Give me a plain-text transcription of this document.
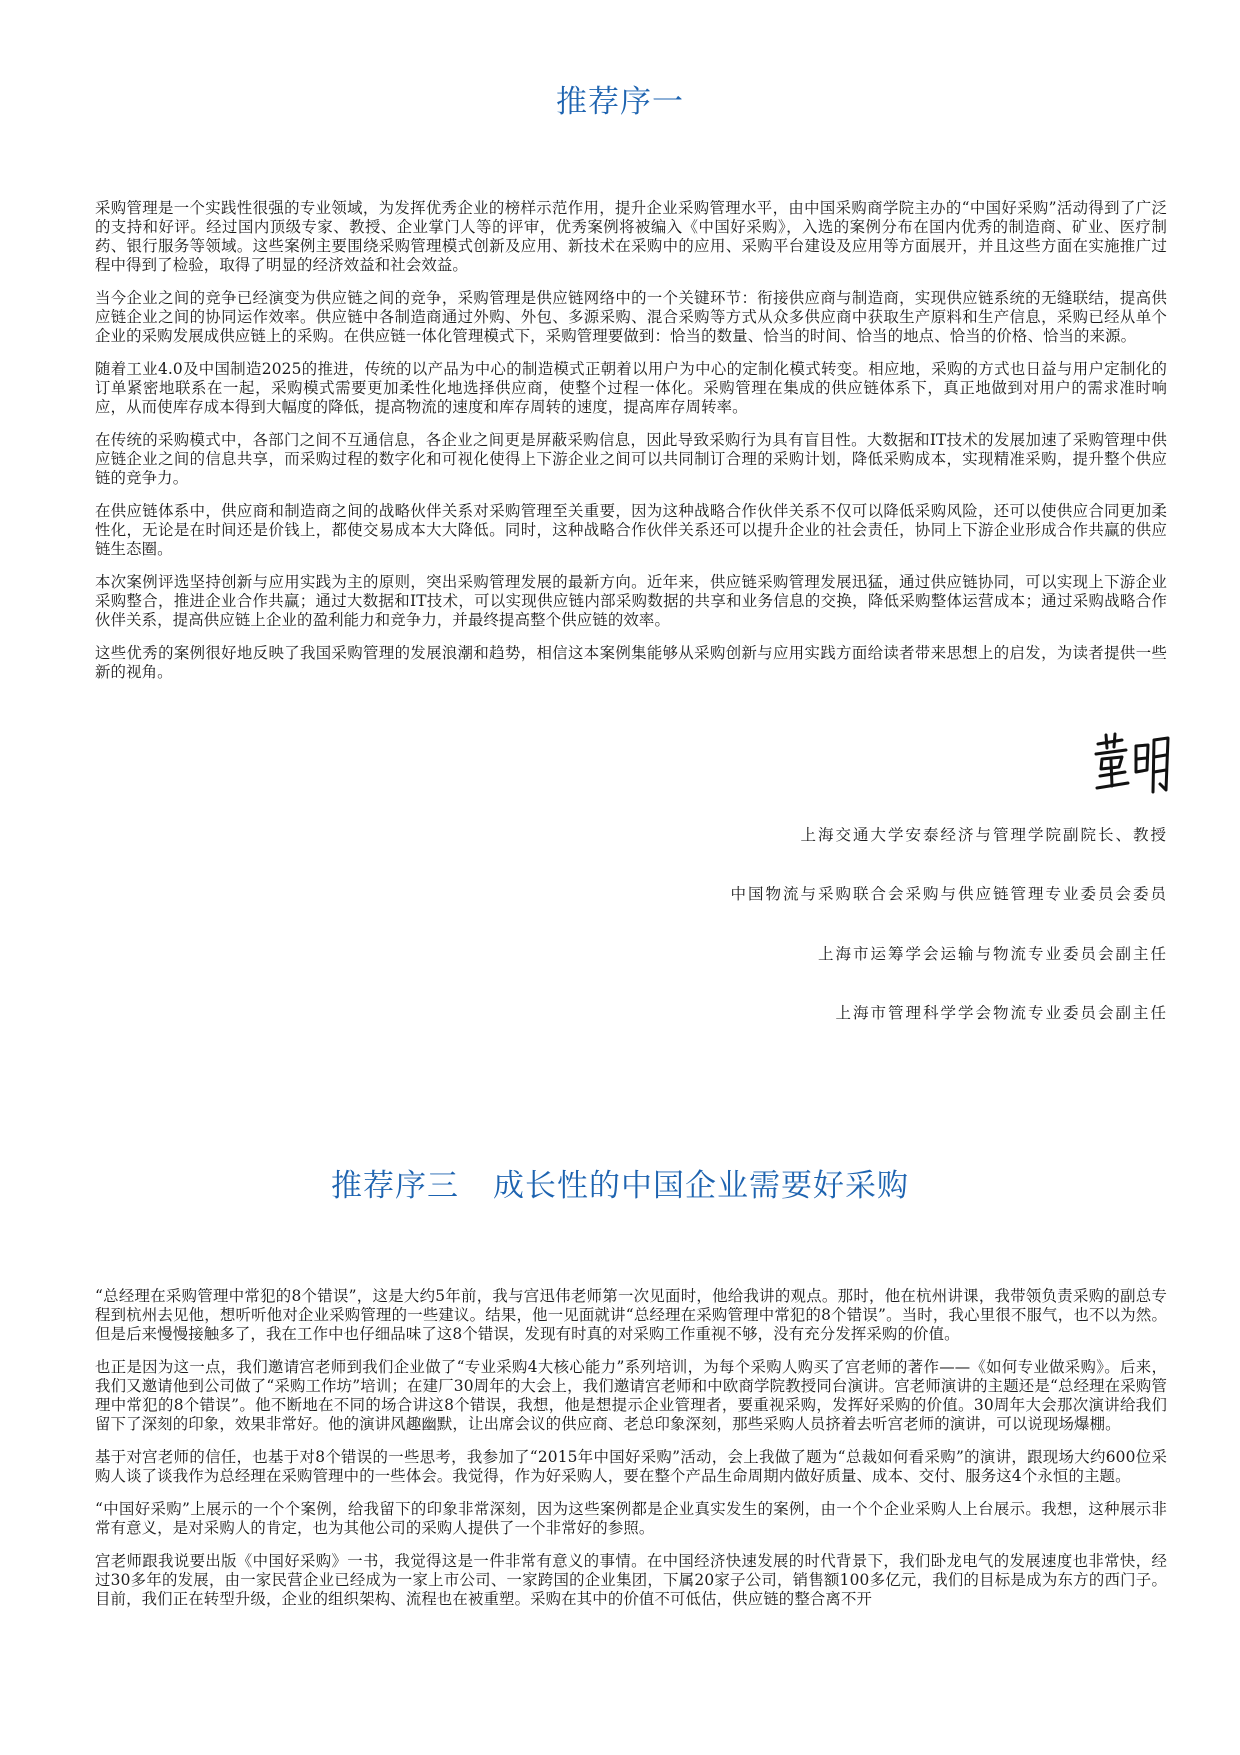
推荐序一

采购管理是一个实践性很强的专业领域，为发挥优秀企业的榜样示范作用，提升企业采购管理水平，由中国采购商学院主办的“中国好采购”活动得到了广泛的支持和好评。经过国内顶级专家、教授、企业掌门人等的评审，优秀案例将被编入《中国好采购》，入选的案例分布在国内优秀的制造商、矿业、医疗制药、银行服务等领域。这些案例主要围绕采购管理模式创新及应用、新技术在采购中的应用、采购平台建设及应用等方面展开，并且这些方面在实施推广过程中得到了检验，取得了明显的经济效益和社会效益。

当今企业之间的竞争已经演变为供应链之间的竞争，采购管理是供应链网络中的一个关键环节：衔接供应商与制造商，实现供应链系统的无缝联结，提高供应链企业之间的协同运作效率。供应链中各制造商通过外购、外包、多源采购、混合采购等方式从众多供应商中获取生产原料和生产信息，采购已经从单个企业的采购发展成供应链上的采购。在供应链一体化管理模式下，采购管理要做到：恰当的数量、恰当的时间、恰当的地点、恰当的价格、恰当的来源。

随着工业4.0及中国制造2025的推进，传统的以产品为中心的制造模式正朝着以用户为中心的定制化模式转变。相应地，采购的方式也日益与用户定制化的订单紧密地联系在一起，采购模式需要更加柔性化地选择供应商，使整个过程一体化。采购管理在集成的供应链体系下，真正地做到对用户的需求准时响应，从而使库存成本得到大幅度的降低，提高物流的速度和库存周转的速度，提高库存周转率。

在传统的采购模式中，各部门之间不互通信息，各企业之间更是屏蔽采购信息，因此导致采购行为具有盲目性。大数据和IT技术的发展加速了采购管理中供应链企业之间的信息共享，而采购过程的数字化和可视化使得上下游企业之间可以共同制订合理的采购计划，降低采购成本，实现精准采购，提升整个供应链的竞争力。

在供应链体系中，供应商和制造商之间的战略伙伴关系对采购管理至关重要，因为这种战略合作伙伴关系不仅可以降低采购风险，还可以使供应合同更加柔性化，无论是在时间还是价钱上，都使交易成本大大降低。同时，这种战略合作伙伴关系还可以提升企业的社会责任，协同上下游企业形成合作共赢的供应链生态圈。

本次案例评选坚持创新与应用实践为主的原则，突出采购管理发展的最新方向。近年来，供应链采购管理发展迅猛，通过供应链协同，可以实现上下游企业采购整合，推进企业合作共赢；通过大数据和IT技术，可以实现供应链内部采购数据的共享和业务信息的交换，降低采购整体运营成本；通过采购战略合作伙伴关系，提高供应链上企业的盈利能力和竞争力，并最终提高整个供应链的效率。

这些优秀的案例很好地反映了我国采购管理的发展浪潮和趋势，相信这本案例集能够从采购创新与应用实践方面给读者带来思想上的启发，为读者提供一些新的视角。

上海交通大学安泰经济与管理学院副院长、教授

中国物流与采购联合会采购与供应链管理专业委员会委员

上海市运筹学会运输与物流专业委员会副主任

上海市管理科学学会物流专业委员会副主任

推荐序三 成长性的中国企业需要好采购

“总经理在采购管理中常犯的8个错误”，这是大约5年前，我与宫迅伟老师第一次见面时，他给我讲的观点。那时，他在杭州讲课，我带领负责采购的副总专程到杭州去见他，想听听他对企业采购管理的一些建议。结果，他一见面就讲“总经理在采购管理中常犯的8个错误”。当时，我心里很不服气，也不以为然。但是后来慢慢接触多了，我在工作中也仔细品味了这8个错误，发现有时真的对采购工作重视不够，没有充分发挥采购的价值。

也正是因为这一点，我们邀请宫老师到我们企业做了“专业采购4大核心能力”系列培训，为每个采购人购买了宫老师的著作——《如何专业做采购》。后来，我们又邀请他到公司做了“采购工作坊”培训；在建厂30周年的大会上，我们邀请宫老师和中欧商学院教授同台演讲。宫老师演讲的主题还是“总经理在采购管理中常犯的8个错误”。他不断地在不同的场合讲这8个错误，我想，他是想提示企业管理者，要重视采购，发挥好采购的价值。30周年大会那次演讲给我们留下了深刻的印象，效果非常好。他的演讲风趣幽默，让出席会议的供应商、老总印象深刻，那些采购人员挤着去听宫老师的演讲，可以说现场爆棚。

基于对宫老师的信任，也基于对8个错误的一些思考，我参加了“2015年中国好采购”活动，会上我做了题为“总裁如何看采购”的演讲，跟现场大约600位采购人谈了谈我作为总经理在采购管理中的一些体会。我觉得，作为好采购人，要在整个产品生命周期内做好质量、成本、交付、服务这4个永恒的主题。

“中国好采购”上展示的一个个案例，给我留下的印象非常深刻，因为这些案例都是企业真实发生的案例，由一个个企业采购人上台展示。我想，这种展示非常有意义，是对采购人的肯定，也为其他公司的采购人提供了一个非常好的参照。

宫老师跟我说要出版《中国好采购》一书，我觉得这是一件非常有意义的事情。在中国经济快速发展的时代背景下，我们卧龙电气的发展速度也非常快，经过30多年的发展，由一家民营企业已经成为一家上市公司、一家跨国的企业集团，下属20家子公司，销售额100多亿元，我们的目标是成为东方的西门子。目前，我们正在转型升级，企业的组织架构、流程也在被重塑。采购在其中的价值不可低估，供应链的整合离不开
